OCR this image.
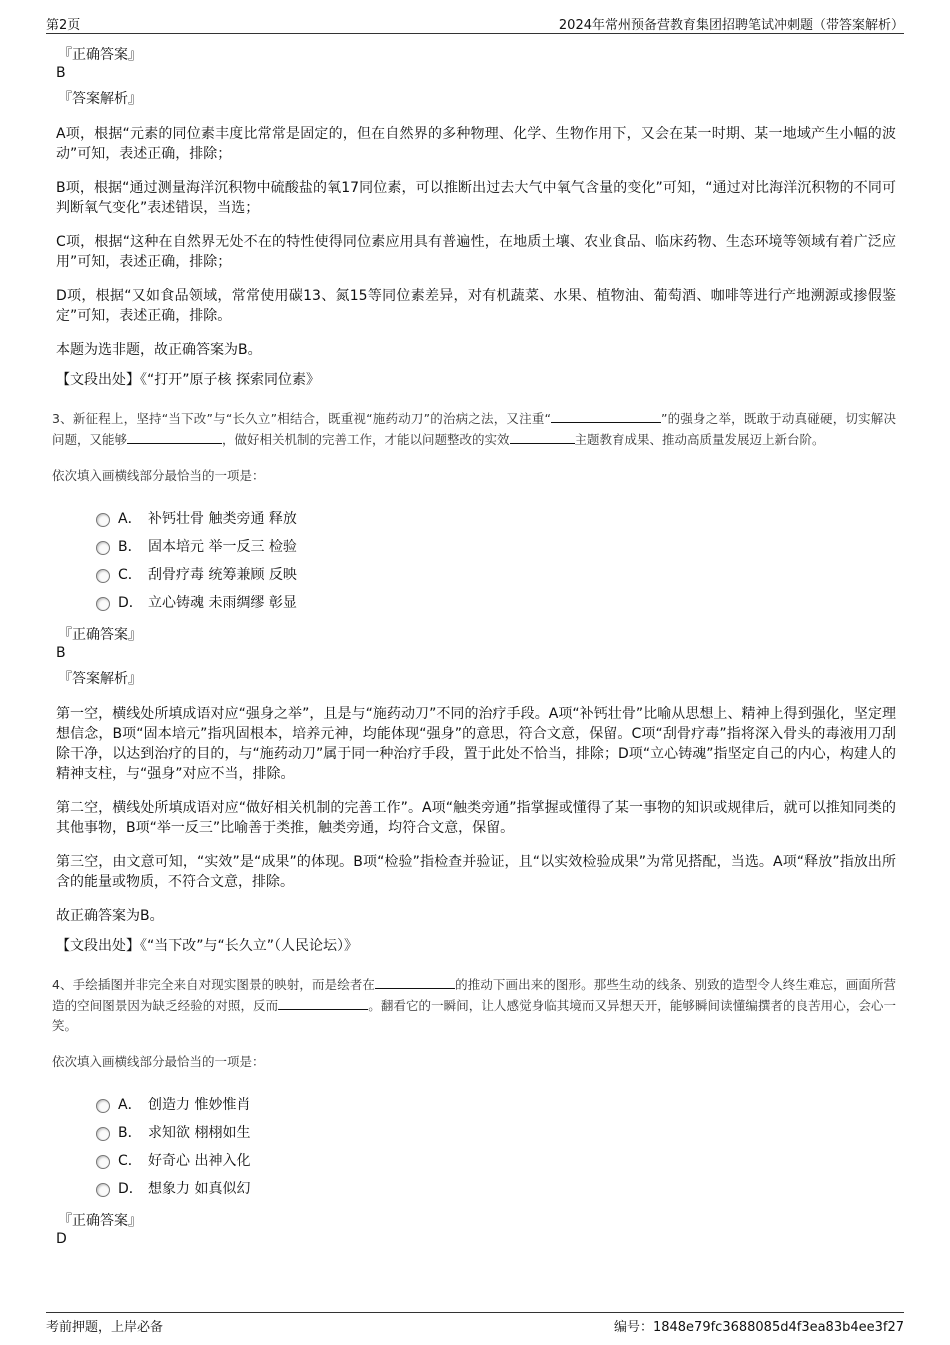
第2页	2024年常州预备营教育集团招聘笔试冲刺题（带答案解析）
『正确答案』
B
『答案解析』

A项，根据“元素的同位素丰度比常常是固定的，但在自然界的多种物理、化学、生物作用下，又会在某一时期、某一地域产生小幅的波动”可知，表述正确，排除；

B项，根据“通过测量海洋沉积物中硫酸盐的氧17同位素，可以推断出过去大气中氧气含量的变化”可知，“通过对比海洋沉积物的不同可判断氧气变化”表述错误，当选；

C项，根据“这种在自然界无处不在的特性使得同位素应用具有普遍性，在地质土壤、农业食品、临床药物、生态环境等领域有着广泛应用”可知，表述正确，排除；

D项，根据“又如食品领域，常常使用碳13、氮15等同位素差异，对有机蔬菜、水果、植物油、葡萄酒、咖啡等进行产地溯源或掺假鉴定”可知，表述正确，排除。

本题为选非题，故正确答案为B。

【文段出处】《“打开”原子核 探索同位素》
3、新征程上，坚持“当下改”与“长久立”相结合，既重视“施药动刀”的治病之法，又注重“	”的强身之举，既敢于动真碰硬，切实解决问题，又能够	，做好相关机制的完善工作，才能以问题整改的实效	主题教育成果、推动高质量发展迈上新台阶。
依次填入画横线部分最恰当的一项是：
A． 补钙壮骨 触类旁通 释放
B． 固本培元 举一反三 检验
C． 刮骨疗毒 统筹兼顾 反映
D． 立心铸魂 未雨绸缪 彰显
『正确答案』
B
『答案解析』

第一空，横线处所填成语对应“强身之举”，且是与“施药动刀”不同的治疗手段。A项“补钙壮骨”比喻从思想上、精神上得到强化，坚定理想信念，B项“固本培元”指巩固根本，培养元神，均能体现“强身”的意思，符合文意，保留。C项“刮骨疗毒”指将深入骨头的毒液用刀刮除干净，以达到治疗的目的，与“施药动刀”属于同一种治疗手段，置于此处不恰当，排除；D项“立心铸魂”指坚定自己的内心，构建人的精神支柱，与“强身”对应不当，排除。

第二空，横线处所填成语对应“做好相关机制的完善工作”。A项“触类旁通”指掌握或懂得了某一事物的知识或规律后，就可以推知同类的其他事物，B项“举一反三”比喻善于类推，触类旁通，均符合文意，保留。

第三空，由文意可知，“实效”是“成果”的体现。B项“检验”指检查并验证，且“以实效检验成果”为常见搭配，当选。A项“释放”指放出所含的能量或物质，不符合文意，排除。

故正确答案为B。

【文段出处】《“当下改”与“长久立”（人民论坛）》
4、手绘插图并非完全来自对现实图景的映射，而是绘者在	的推动下画出来的图形。那些生动的线条、别致的造型令人终生难忘，画面所营造的空间图景因为缺乏经验的对照，反而	。翻看它的一瞬间，让人感觉身临其境而又异想天开，能够瞬间读懂编撰者的良苦用心，会心一笑。
依次填入画横线部分最恰当的一项是：
A． 创造力 惟妙惟肖
B． 求知欲 栩栩如生
C． 好奇心 出神入化
D． 想象力 如真似幻
『正确答案』
D
考前押题，上岸必备	编号：1848e79fc3688085d4f3ea83b4ee3f27
